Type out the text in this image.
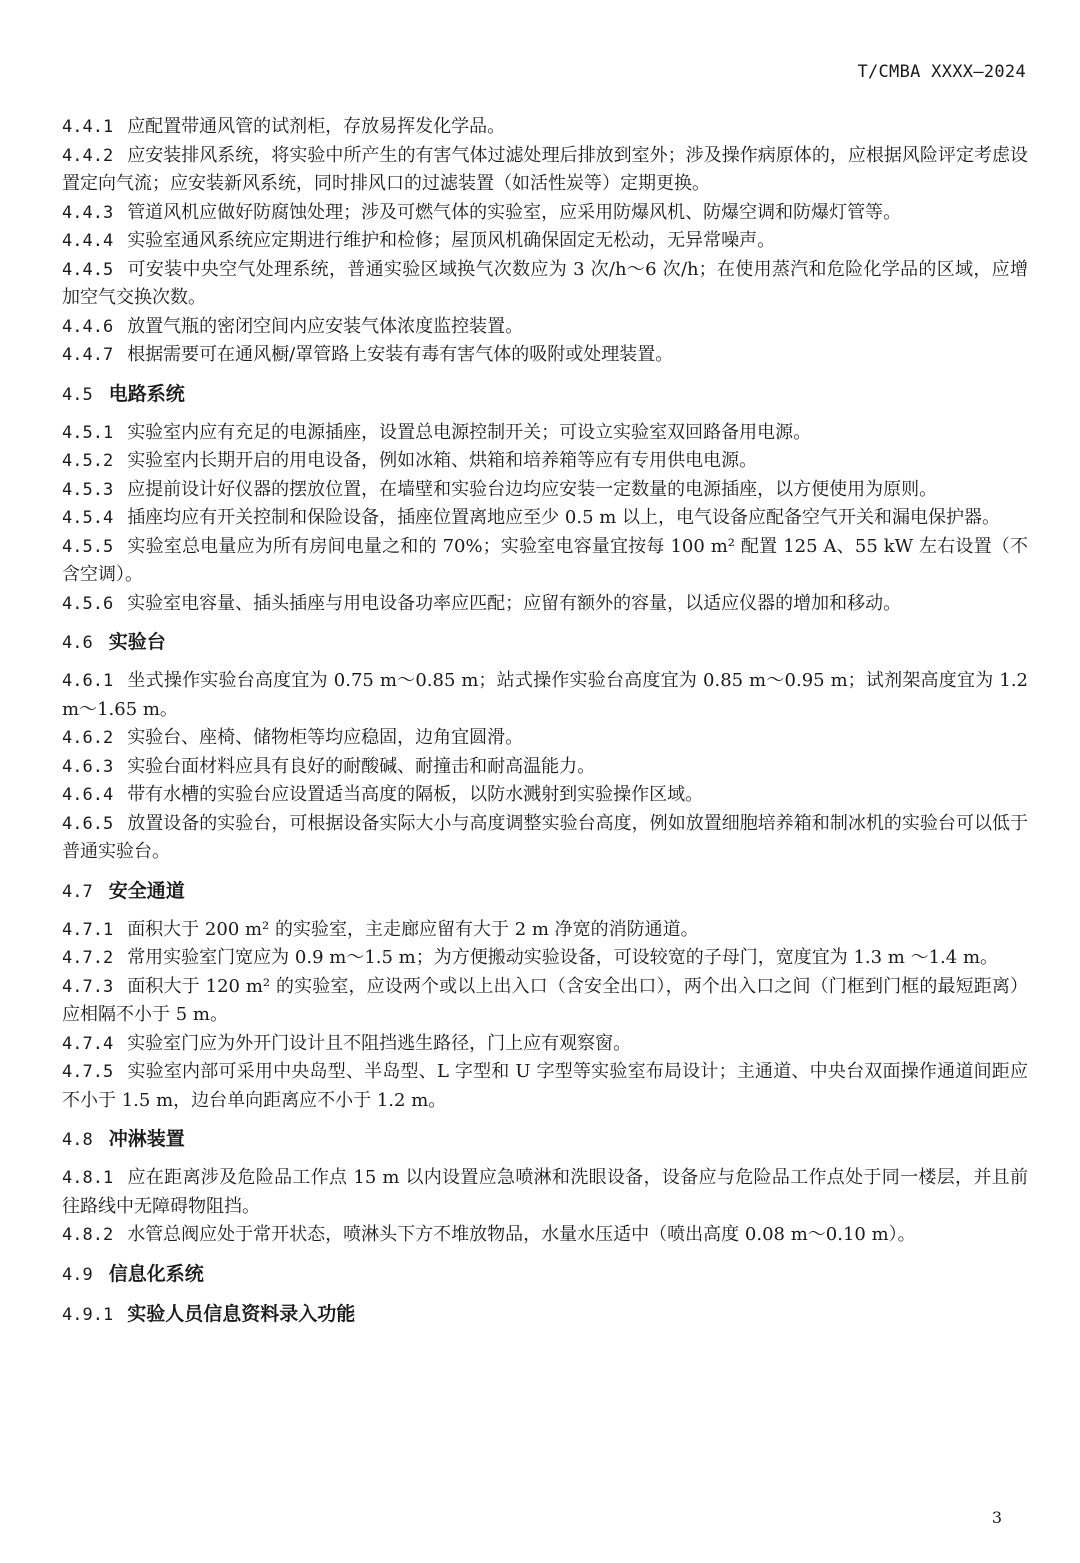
T/CMBA XXXX—2024

4.4.1 应配置带通风管的试剂柜，存放易挥发化学品。

4.4.2 应安装排风系统，将实验中所产生的有害气体过滤处理后排放到室外；涉及操作病原体的，应根据风险评定考虑设置定向气流；应安装新风系统，同时排风口的过滤装置（如活性炭等）定期更换。

4.4.3 管道风机应做好防腐蚀处理；涉及可燃气体的实验室，应采用防爆风机、防爆空调和防爆灯管等。

4.4.4 实验室通风系统应定期进行维护和检修；屋顶风机确保固定无松动，无异常噪声。

4.4.5 可安装中央空气处理系统，普通实验区域换气次数应为 3 次/h～6 次/h；在使用蒸汽和危险化学品的区域，应增加空气交换次数。

4.4.6 放置气瓶的密闭空间内应安装气体浓度监控装置。

4.4.7 根据需要可在通风橱/罩管路上安装有毒有害气体的吸附或处理装置。

4.5 电路系统

4.5.1 实验室内应有充足的电源插座，设置总电源控制开关；可设立实验室双回路备用电源。

4.5.2 实验室内长期开启的用电设备，例如冰箱、烘箱和培养箱等应有专用供电电源。

4.5.3 应提前设计好仪器的摆放位置，在墙壁和实验台边均应安装一定数量的电源插座，以方便使用为原则。

4.5.4 插座均应有开关控制和保险设备，插座位置离地应至少 0.5 m 以上，电气设备应配备空气开关和漏电保护器。

4.5.5 实验室总电量应为所有房间电量之和的 70%；实验室电容量宜按每 100 m² 配置 125 A、55 kW 左右设置（不含空调）。

4.5.6 实验室电容量、插头插座与用电设备功率应匹配；应留有额外的容量，以适应仪器的增加和移动。

4.6 实验台

4.6.1 坐式操作实验台高度宜为 0.75 m～0.85 m；站式操作实验台高度宜为 0.85 m～0.95 m；试剂架高度宜为 1.2 m～1.65 m。

4.6.2 实验台、座椅、储物柜等均应稳固，边角宜圆滑。

4.6.3 实验台面材料应具有良好的耐酸碱、耐撞击和耐高温能力。

4.6.4 带有水槽的实验台应设置适当高度的隔板，以防水溅射到实验操作区域。

4.6.5 放置设备的实验台，可根据设备实际大小与高度调整实验台高度，例如放置细胞培养箱和制冰机的实验台可以低于普通实验台。

4.7 安全通道

4.7.1 面积大于 200 m² 的实验室，主走廊应留有大于 2 m 净宽的消防通道。

4.7.2 常用实验室门宽应为 0.9 m～1.5 m；为方便搬动实验设备，可设较宽的子母门，宽度宜为 1.3 m ～1.4 m。

4.7.3 面积大于 120 m² 的实验室，应设两个或以上出入口（含安全出口），两个出入口之间（门框到门框的最短距离）应相隔不小于 5 m。

4.7.4 实验室门应为外开门设计且不阻挡逃生路径，门上应有观察窗。

4.7.5 实验室内部可采用中央岛型、半岛型、L 字型和 U 字型等实验室布局设计；主通道、中央台双面操作通道间距应不小于 1.5 m，边台单向距离应不小于 1.2 m。

4.8 冲淋装置

4.8.1 应在距离涉及危险品工作点 15 m 以内设置应急喷淋和洗眼设备，设备应与危险品工作点处于同一楼层，并且前往路线中无障碍物阻挡。

4.8.2 水管总阀应处于常开状态，喷淋头下方不堆放物品，水量水压适中（喷出高度 0.08 m～0.10 m）。

4.9 信息化系统

4.9.1 实验人员信息资料录入功能

3
